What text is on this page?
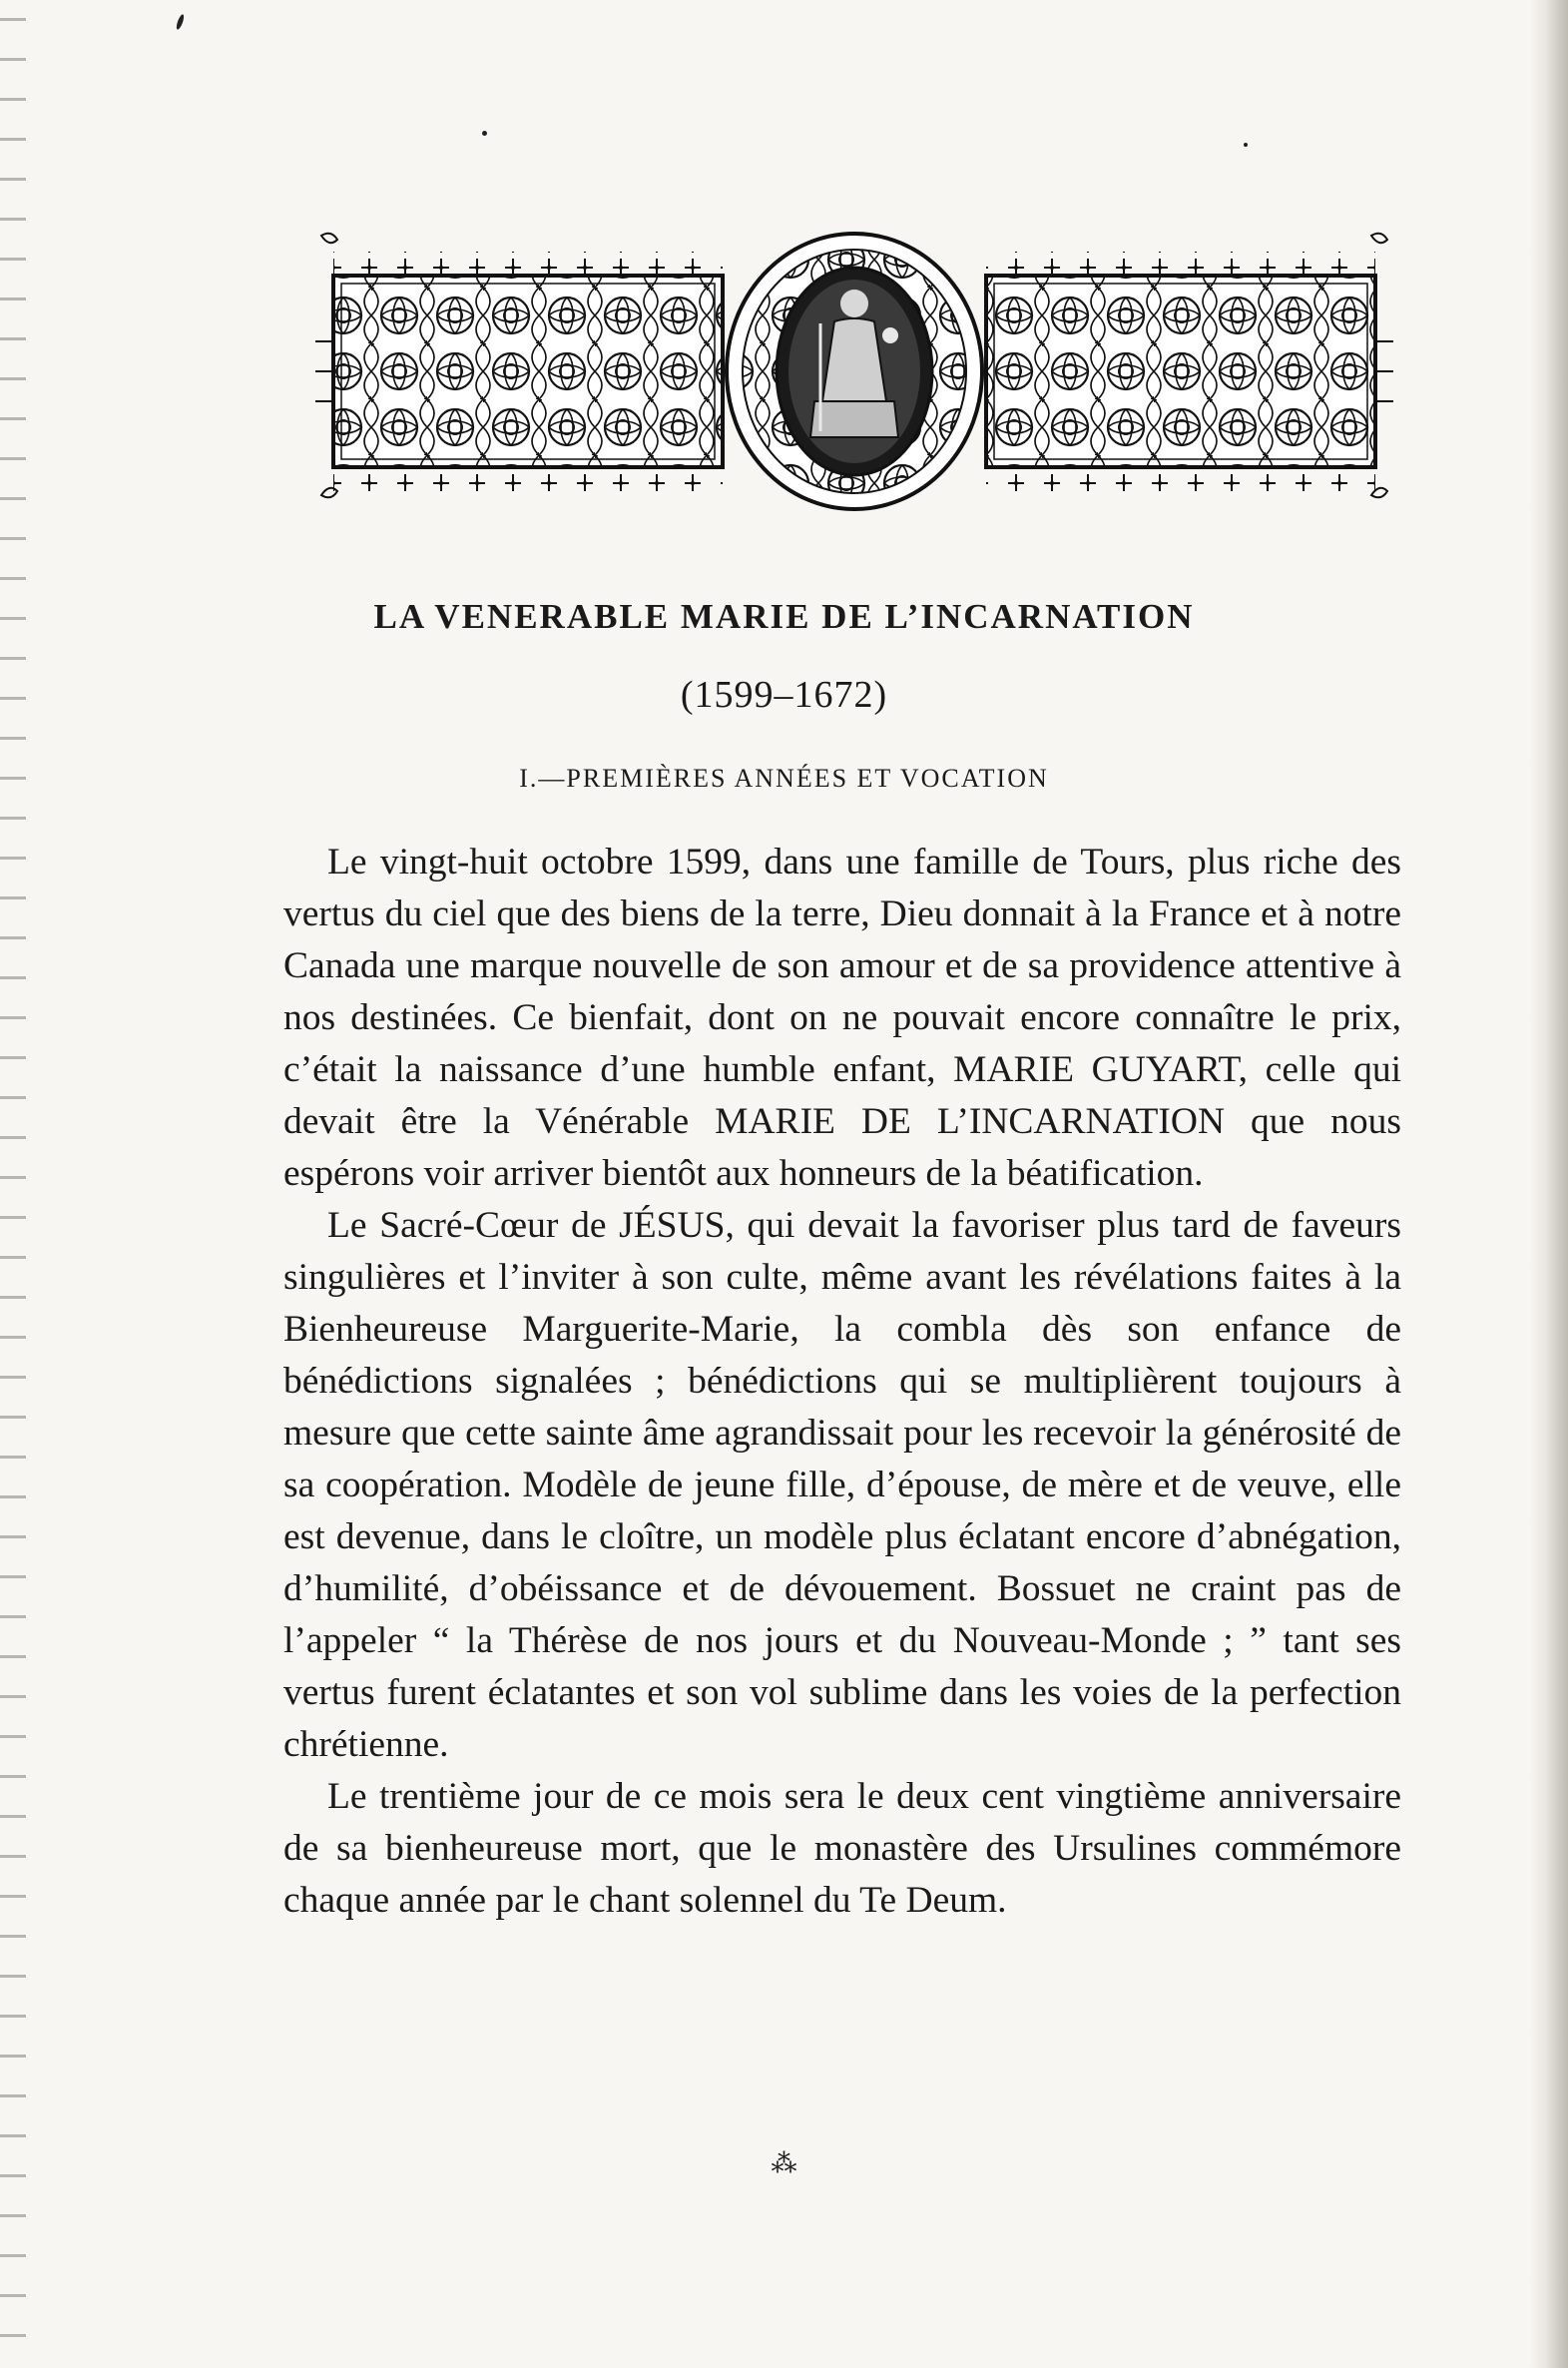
LA VENERABLE MARIE DE L’INCARNATION
(1599–1672)
I.—PREMIÈRES ANNÉES ET VOCATION

Le vingt-huit octobre 1599, dans une famille de Tours, plus riche des vertus du ciel que des biens de la terre, Dieu donnait à la France et à notre Canada une marque nouvelle de son amour et de sa providence attentive à nos destinées. Ce bienfait, dont on ne pouvait encore connaître le prix, c’était la naissance d’une humble enfant, MARIE GUYART, celle qui devait être la Vénérable MARIE DE L’INCARNATION que nous espérons voir arriver bientôt aux honneurs de la béatification.

Le Sacré-Cœur de JÉSUS, qui devait la favoriser plus tard de faveurs singulières et l’inviter à son culte, même avant les révélations faites à la Bienheureuse Marguerite-Marie, la combla dès son enfance de bénédictions signalées ; bénédictions qui se multiplièrent toujours à mesure que cette sainte âme agrandissait pour les recevoir la générosité de sa coopération. Modèle de jeune fille, d’épouse, de mère et de veuve, elle est devenue, dans le cloître, un modèle plus éclatant encore d’abnégation, d’humilité, d’obéissance et de dévouement. Bossuet ne craint pas de l’appeler “ la Thérèse de nos jours et du Nouveau-Monde ; ” tant ses vertus furent éclatantes et son vol sublime dans les voies de la perfection chrétienne.

Le trentième jour de ce mois sera le deux cent vingtième anniversaire de sa bienheureuse mort, que le monastère des Ursulines commémore chaque année par le chant solennel du Te Deum.

⁂
